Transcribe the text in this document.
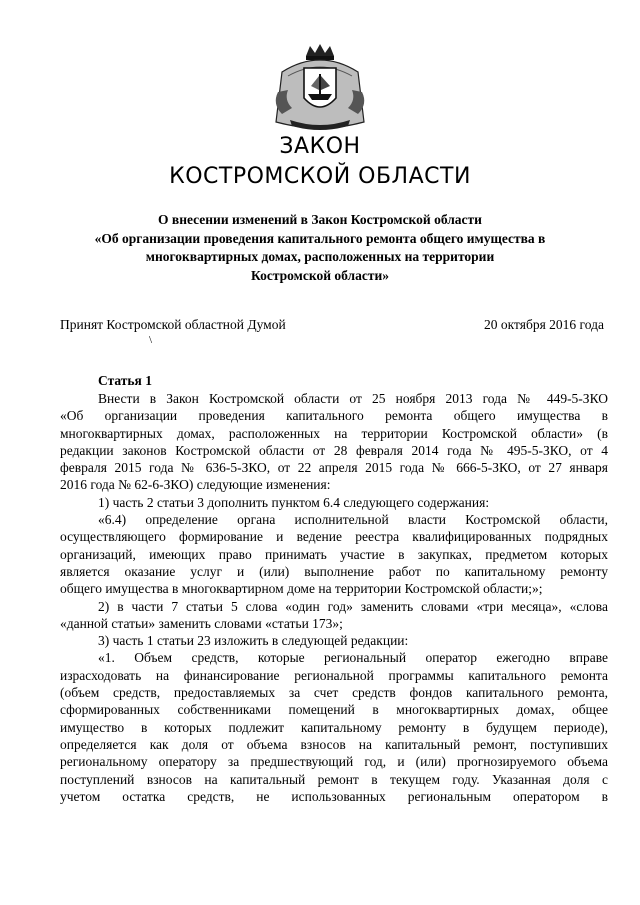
ЗАКОН
КОСТРОМСКОЙ ОБЛАСТИ
О внесении изменений в Закон Костромской области
«Об организации проведения капитального ремонта общего имущества в
многоквартирных домах, расположенных на территории
Костромской области»
Принят Костромской областной Думой	20 октября 2016 года
\
Статья 1
Внести в Закон Костромской области от 25 ноября 2013 года № 449-5-ЗКО
«Об организации проведения капитального ремонта общего имущества в
многоквартирных домах, расположенных на территории Костромской области» (в
редакции законов Костромской области от 28 февраля 2014 года № 495-5-ЗКО, от 4
февраля 2015 года № 636-5-ЗКО, от 22 апреля 2015 года № 666-5-ЗКО, от 27 января
2016 года № 62-6-ЗКО) следующие изменения:
1) часть 2 статьи 3 дополнить пунктом 6.4 следующего содержания:
«6.4) определение органа исполнительной власти Костромской области,
осуществляющего формирование и ведение реестра квалифицированных подрядных
организаций, имеющих право принимать участие в закупках, предметом которых
является оказание услуг и (или) выполнение работ по капитальному ремонту
общего имущества в многоквартирном доме на территории Костромской области;»;
2) в части 7 статьи 5 слова «один год» заменить словами «три месяца», «слова
«данной статьи» заменить словами «статьи 173»;
3) часть 1 статьи 23 изложить в следующей редакции:
«1. Объем средств, которые региональный оператор ежегодно вправе
израсходовать на финансирование региональной программы капитального ремонта
(объем средств, предоставляемых за счет средств фондов капитального ремонта,
сформированных собственниками помещений в многоквартирных домах, общее
имущество в которых подлежит капитальному ремонту в будущем периоде),
определяется как доля от объема взносов на капитальный ремонт, поступивших
региональному оператору за предшествующий год, и (или) прогнозируемого объема
поступлений взносов на капитальный ремонт в текущем году. Указанная доля с
учетом остатка средств, не использованных региональным оператором в
